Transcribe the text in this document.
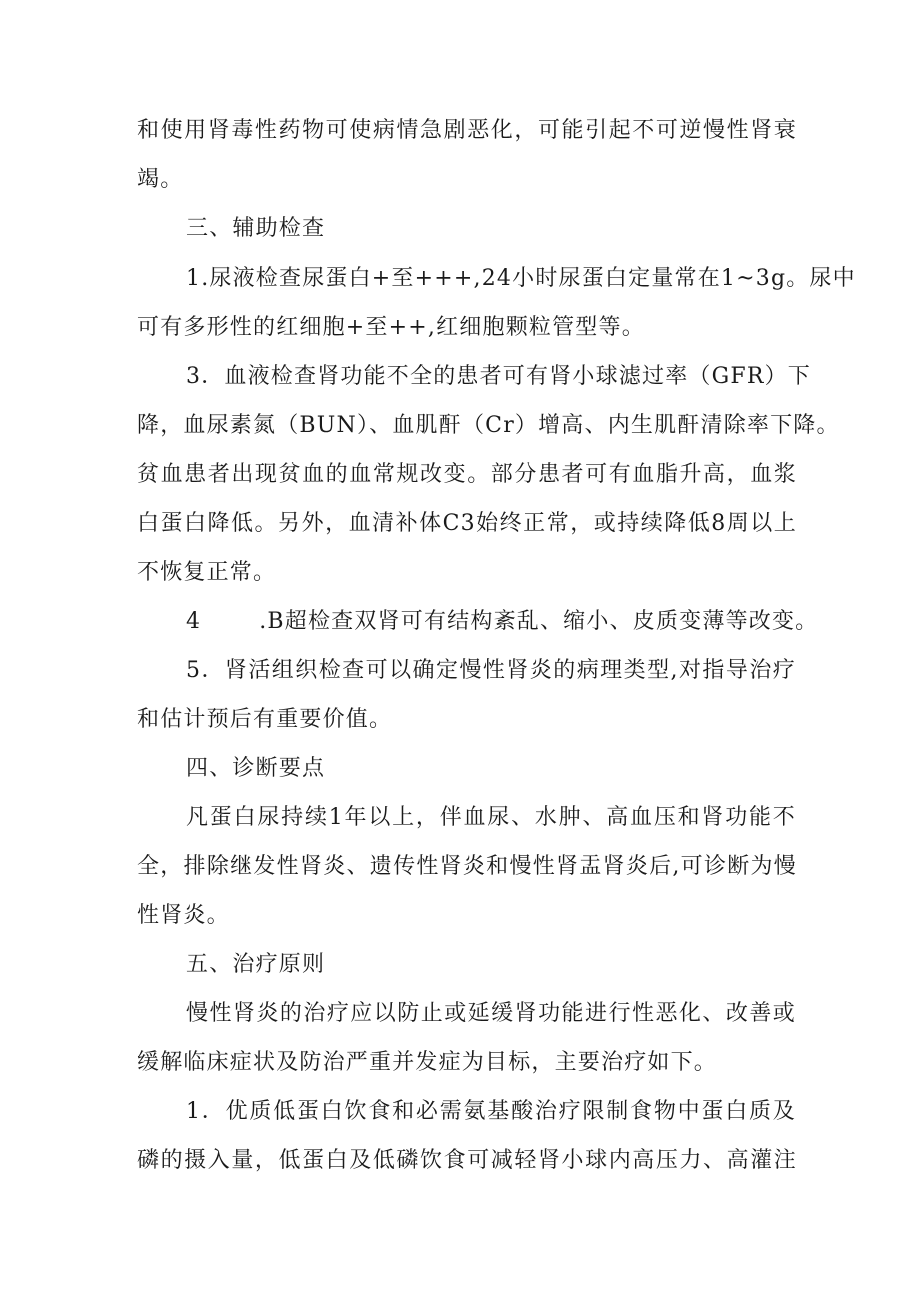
和使用肾毒性药物可使病情急剧恶化，可能引起不可逆慢性肾衰
竭。
三、辅助检查
1.尿液检查尿蛋白+至+++,24小时尿蛋白定量常在1~3g。尿中
可有多形性的红细胞+至++,红细胞颗粒管型等。
3．血液检查肾功能不全的患者可有肾小球滤过率（GFR）下
降，血尿素氮（BUN）、血肌酐（Cr）增高、内生肌酐清除率下降。
贫血患者出现贫血的血常规改变。部分患者可有血脂升高，血浆
白蛋白降低。另外，血清补体C3始终正常，或持续降低8周以上
不恢复正常。
4	.B超检查双肾可有结构紊乱、缩小、皮质变薄等改变。
5．肾活组织检查可以确定慢性肾炎的病理类型,对指导治疗
和估计预后有重要价值。
四、诊断要点
凡蛋白尿持续1年以上，伴血尿、水肿、高血压和肾功能不
全，排除继发性肾炎、遗传性肾炎和慢性肾盂肾炎后,可诊断为慢
性肾炎。
五、治疗原则
慢性肾炎的治疗应以防止或延缓肾功能进行性恶化、改善或
缓解临床症状及防治严重并发症为目标，主要治疗如下。
1．优质低蛋白饮食和必需氨基酸治疗限制食物中蛋白质及
磷的摄入量，低蛋白及低磷饮食可减轻肾小球内高压力、高灌注
